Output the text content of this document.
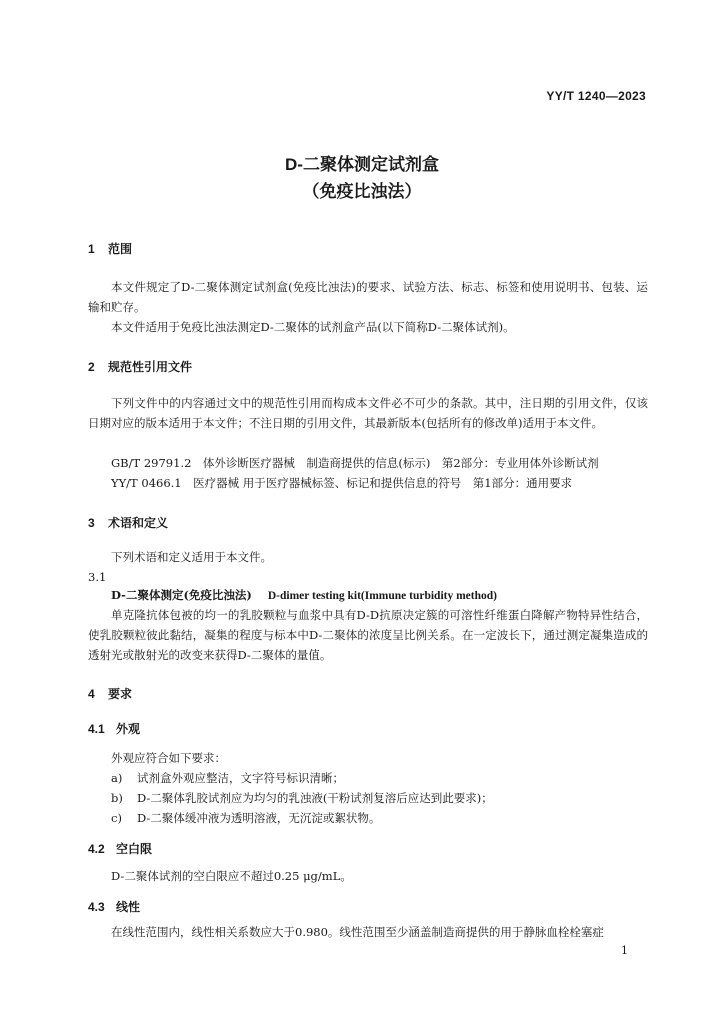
YY/T 1240—2023
D-二聚体测定试剂盒
（免疫比浊法）
1 范围
本文件规定了D-二聚体测定试剂盒(免疫比浊法)的要求、试验方法、标志、标签和使用说明书、包装、运输和贮存。
本文件适用于免疫比浊法测定D-二聚体的试剂盒产品(以下简称D-二聚体试剂)。
2 规范性引用文件
下列文件中的内容通过文中的规范性引用而构成本文件必不可少的条款。其中，注日期的引用文件，仅该日期对应的版本适用于本文件；不注日期的引用文件，其最新版本(包括所有的修改单)适用于本文件。
GB/T 29791.2　体外诊断医疗器械　制造商提供的信息(标示)　第2部分：专业用体外诊断试剂
YY/T 0466.1　医疗器械 用于医疗器械标签、标记和提供信息的符号　第1部分：通用要求
3 术语和定义
下列术语和定义适用于本文件。
3.1
D-二聚体测定(免疫比浊法) D-dimer testing kit(Immune turbidity method)
单克隆抗体包被的均一的乳胶颗粒与血浆中具有D-D抗原决定簇的可溶性纤维蛋白降解产物特异性结合，使乳胶颗粒彼此黏结，凝集的程度与标本中D-二聚体的浓度呈比例关系。在一定波长下，通过测定凝集造成的透射光或散射光的改变来获得D-二聚体的量值。
4 要求
4.1 外观
外观应符合如下要求：
a) 试剂盒外观应整洁，文字符号标识清晰；
b) D-二聚体乳胶试剂应为均匀的乳浊液(干粉试剂复溶后应达到此要求)；
c) D-二聚体缓冲液为透明溶液，无沉淀或絮状物。
4.2 空白限
D-二聚体试剂的空白限应不超过0.25 μg/mL。
4.3 线性
在线性范围内，线性相关系数应大于0.980。线性范围至少涵盖制造商提供的用于静脉血栓栓塞症
1
